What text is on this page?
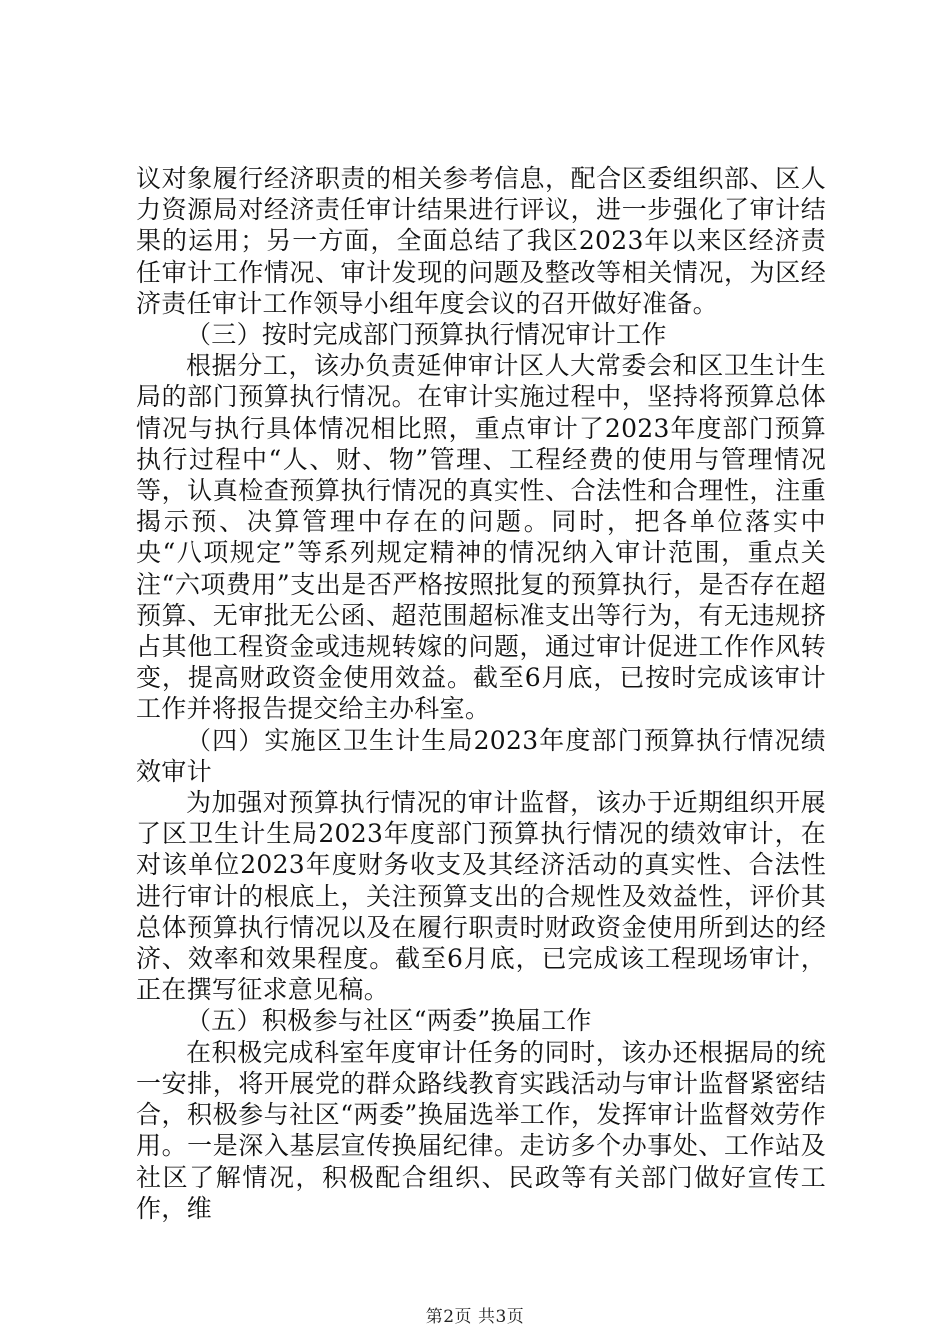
议对象履行经济职责的相关参考信息，配合区委组织部、区人力资源局对经济责任审计结果进行评议，进一步强化了审计结果的运用；另一方面，全面总结了我区2023年以来区经济责任审计工作情况、审计发现的问题及整改等相关情况，为区经济责任审计工作领导小组年度会议的召开做好准备。

（三）按时完成部门预算执行情况审计工作

根据分工，该办负责延伸审计区人大常委会和区卫生计生局的部门预算执行情况。在审计实施过程中，坚持将预算总体情况与执行具体情况相比照，重点审计了2023年度部门预算执行过程中“人、财、物”管理、工程经费的使用与管理情况等，认真检查预算执行情况的真实性、合法性和合理性，注重揭示预、决算管理中存在的问题。同时，把各单位落实中央“八项规定”等系列规定精神的情况纳入审计范围，重点关注“六项费用”支出是否严格按照批复的预算执行，是否存在超预算、无审批无公函、超范围超标准支出等行为，有无违规挤占其他工程资金或违规转嫁的问题，通过审计促进工作作风转变，提高财政资金使用效益。截至6月底，已按时完成该审计工作并将报告提交给主办科室。

（四）实施区卫生计生局2023年度部门预算执行情况绩效审计

为加强对预算执行情况的审计监督，该办于近期组织开展了区卫生计生局2023年度部门预算执行情况的绩效审计，在对该单位2023年度财务收支及其经济活动的真实性、合法性进行审计的根底上，关注预算支出的合规性及效益性，评价其总体预算执行情况以及在履行职责时财政资金使用所到达的经济、效率和效果程度。截至6月底，已完成该工程现场审计，正在撰写征求意见稿。

（五）积极参与社区“两委”换届工作

在积极完成科室年度审计任务的同时，该办还根据局的统一安排，将开展党的群众路线教育实践活动与审计监督紧密结合，积极参与社区“两委”换届选举工作，发挥审计监督效劳作用。一是深入基层宣传换届纪律。走访多个办事处、工作站及社区了解情况，积极配合组织、民政等有关部门做好宣传工作，维

第2页 共3页
